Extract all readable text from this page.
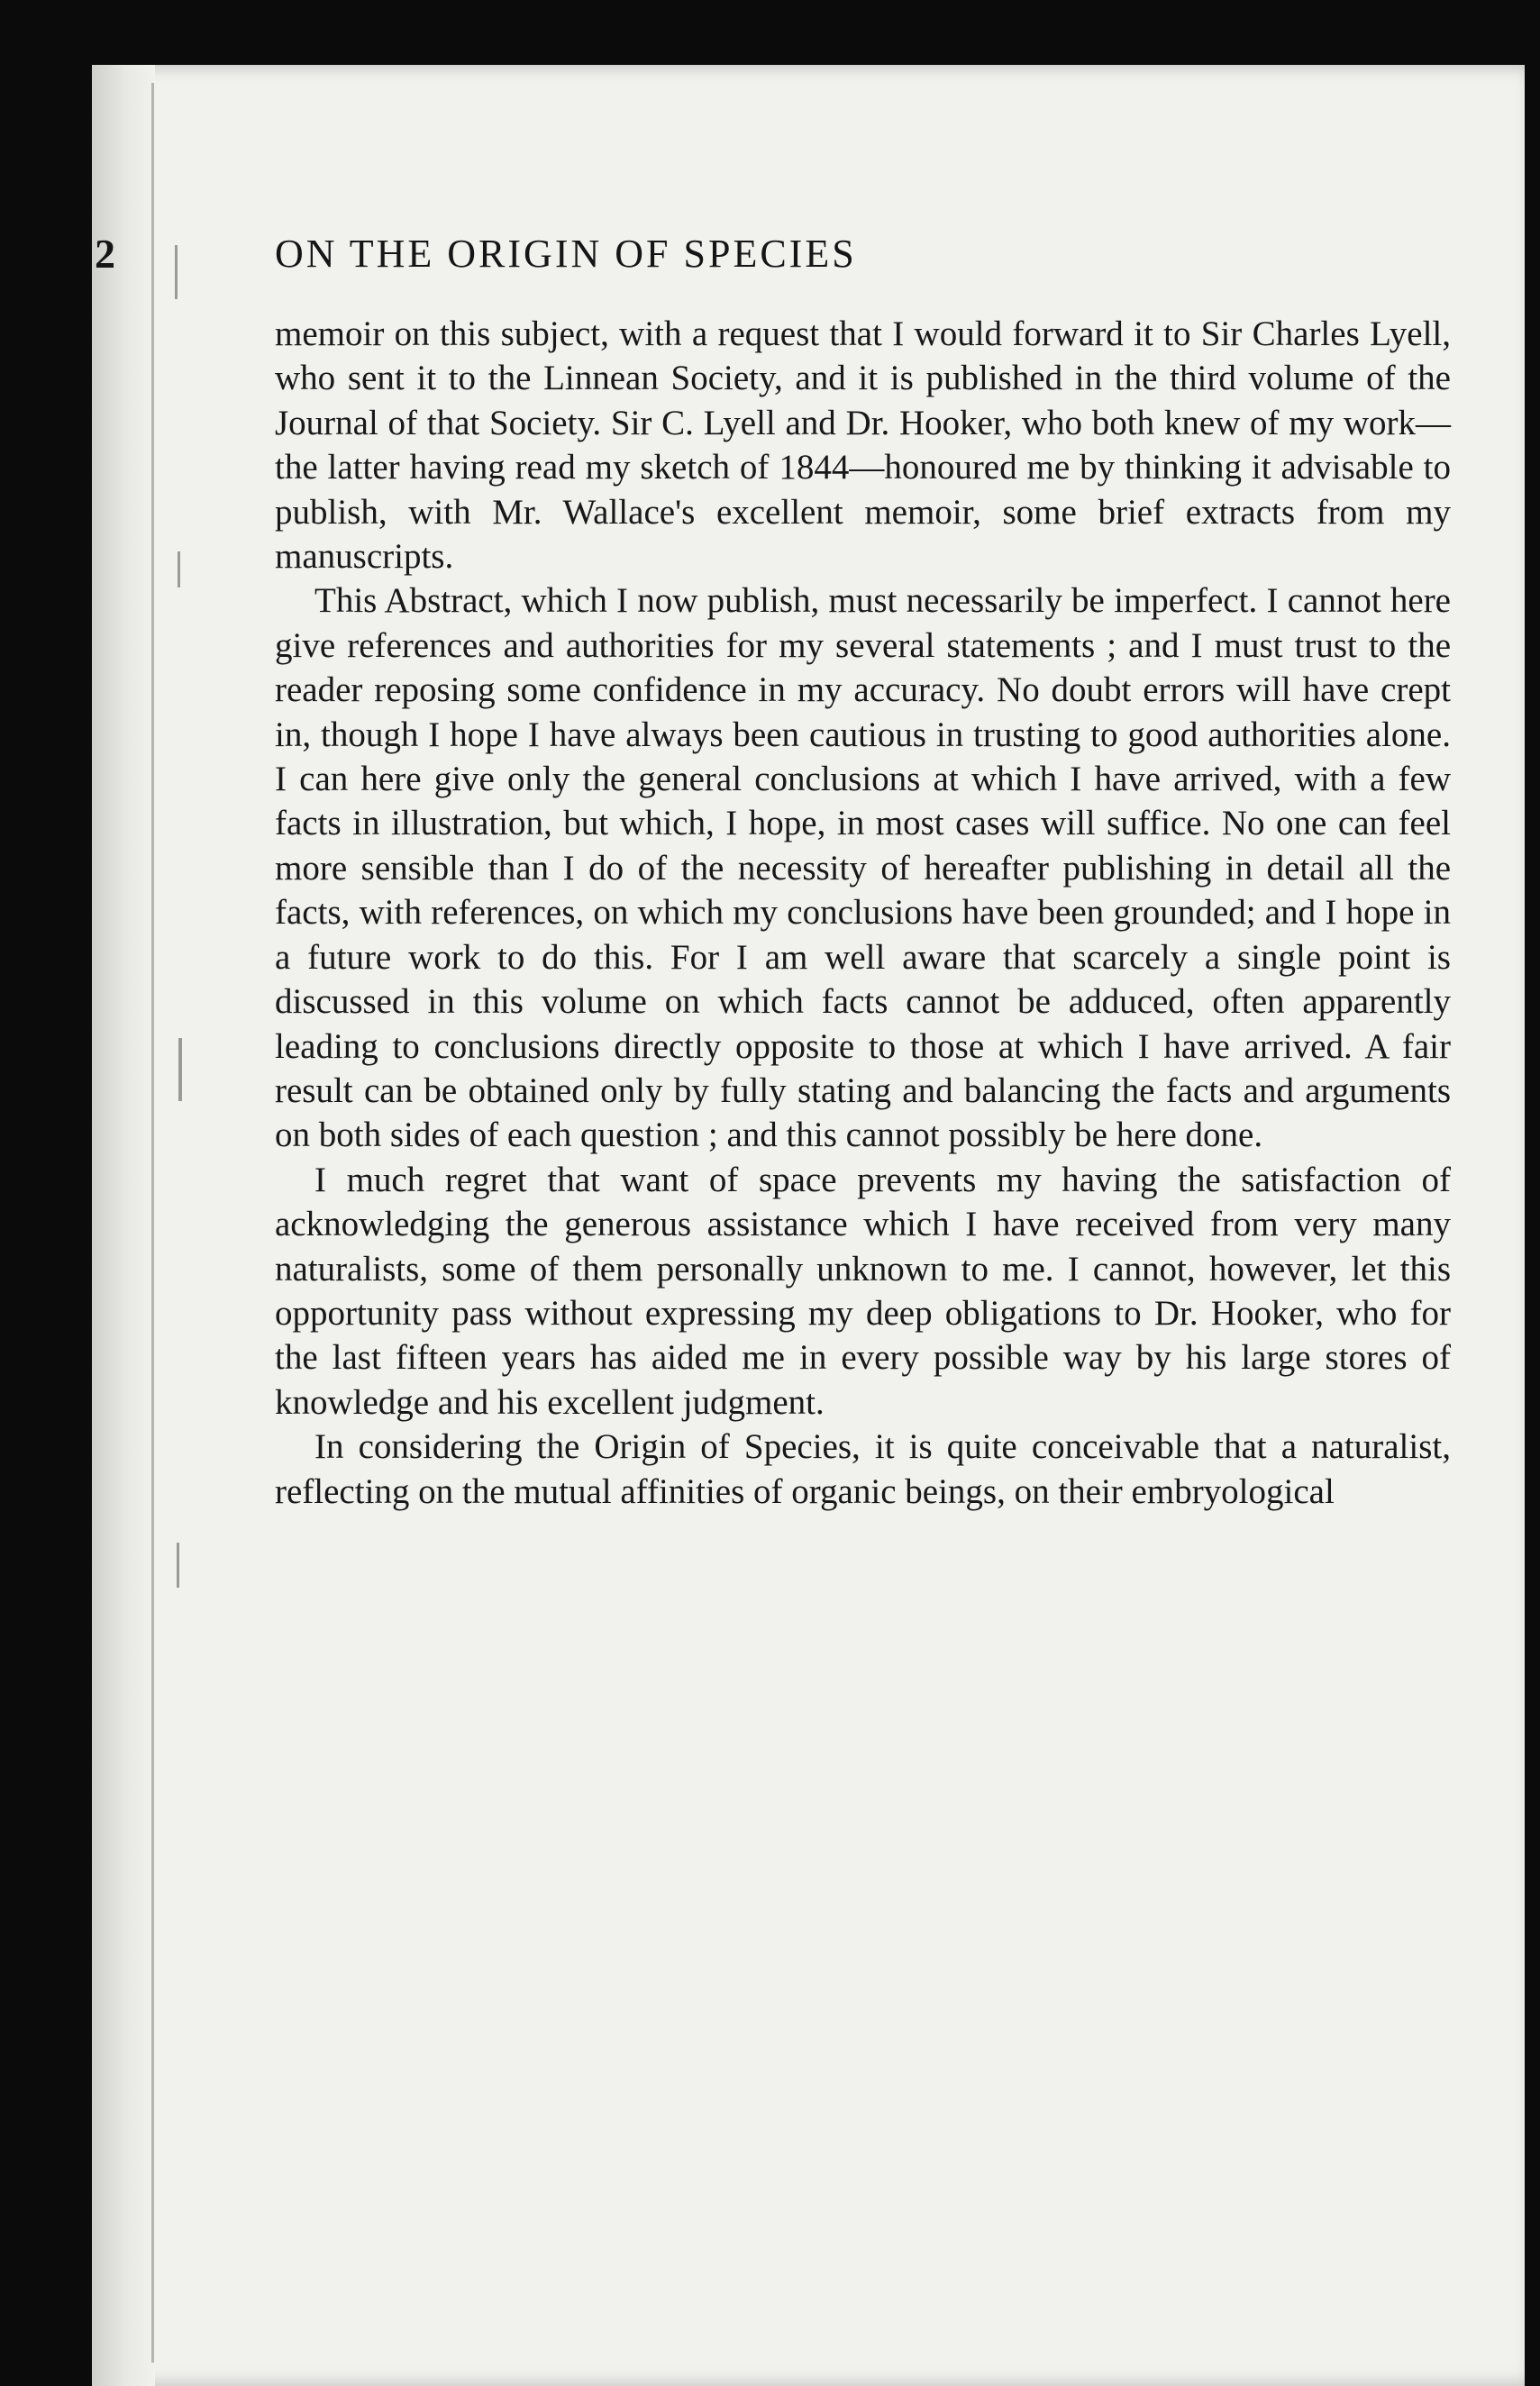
2	ON THE ORIGIN OF SPECIES

memoir on this subject, with a request that I would forward it to Sir Charles Lyell, who sent it to the Linnean Society, and it is published in the third volume of the Journal of that Society. Sir C. Lyell and Dr. Hooker, who both knew of my work—the latter having read my sketch of 1844—honoured me by thinking it advisable to publish, with Mr. Wallace's excellent memoir, some brief extracts from my manuscripts.

This Abstract, which I now publish, must necessarily be imperfect. I cannot here give references and authorities for my several statements ; and I must trust to the reader reposing some confidence in my accuracy. No doubt errors will have crept in, though I hope I have always been cautious in trusting to good authorities alone. I can here give only the general conclusions at which I have arrived, with a few facts in illustration, but which, I hope, in most cases will suffice. No one can feel more sensible than I do of the necessity of hereafter publishing in detail all the facts, with references, on which my conclusions have been grounded; and I hope in a future work to do this. For I am well aware that scarcely a single point is discussed in this volume on which facts cannot be adduced, often apparently leading to conclusions directly opposite to those at which I have arrived. A fair result can be obtained only by fully stating and balancing the facts and arguments on both sides of each question ; and this cannot possibly be here done.

I much regret that want of space prevents my having the satisfaction of acknowledging the generous assistance which I have received from very many naturalists, some of them personally unknown to me. I cannot, however, let this opportunity pass without expressing my deep obligations to Dr. Hooker, who for the last fifteen years has aided me in every possible way by his large stores of knowledge and his excellent judgment.

In considering the Origin of Species, it is quite conceivable that a naturalist, reflecting on the mutual affinities of organic beings, on their embryological
